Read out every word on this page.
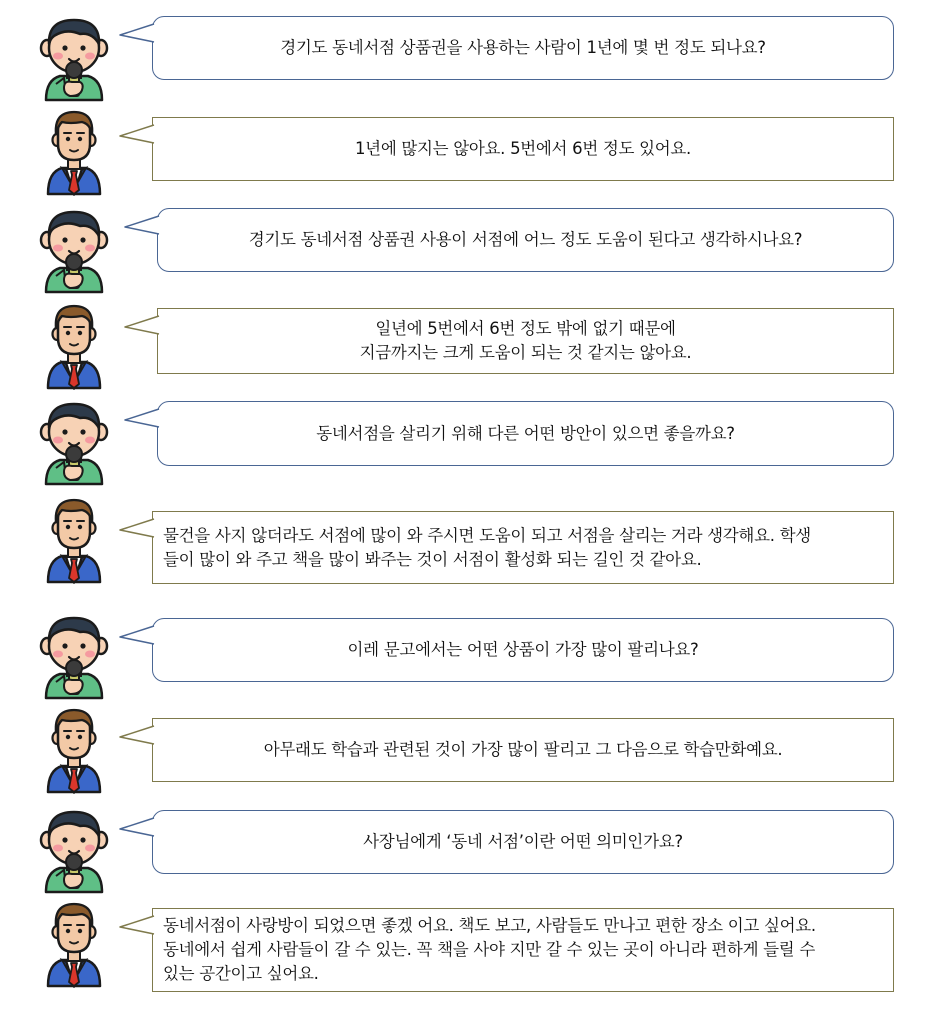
경기도 동네서점 상품권을 사용하는 사람이 1년에 몇 번 정도 되나요?
1년에 많지는 않아요. 5번에서 6번 정도 있어요.
경기도 동네서점 상품권 사용이 서점에 어느 정도 도움이 된다고 생각하시나요?
일년에 5번에서 6번 정도 밖에 없기 때문에
지금까지는 크게 도움이 되는 것 같지는 않아요.
동네서점을 살리기 위해 다른 어떤 방안이 있으면 좋을까요?
물건을 사지 않더라도 서점에 많이 와 주시면 도움이 되고 서점을 살리는 거라 생각해요. 학생
들이 많이 와 주고 책을 많이 봐주는 것이 서점이 활성화 되는 길인 것 같아요.
이레 문고에서는 어떤 상품이 가장 많이 팔리나요?
아무래도 학습과 관련된 것이 가장 많이 팔리고 그 다음으로 학습만화예요.
사장님에게 ‘동네 서점’이란 어떤 의미인가요?
동네서점이 사랑방이 되었으면 좋겠 어요. 책도 보고, 사람들도 만나고 편한 장소 이고 싶어요.
동네에서 쉽게 사람들이 갈 수 있는. 꼭 책을 사야 지만 갈 수 있는 곳이 아니라 편하게 들릴 수
있는 공간이고 싶어요.
